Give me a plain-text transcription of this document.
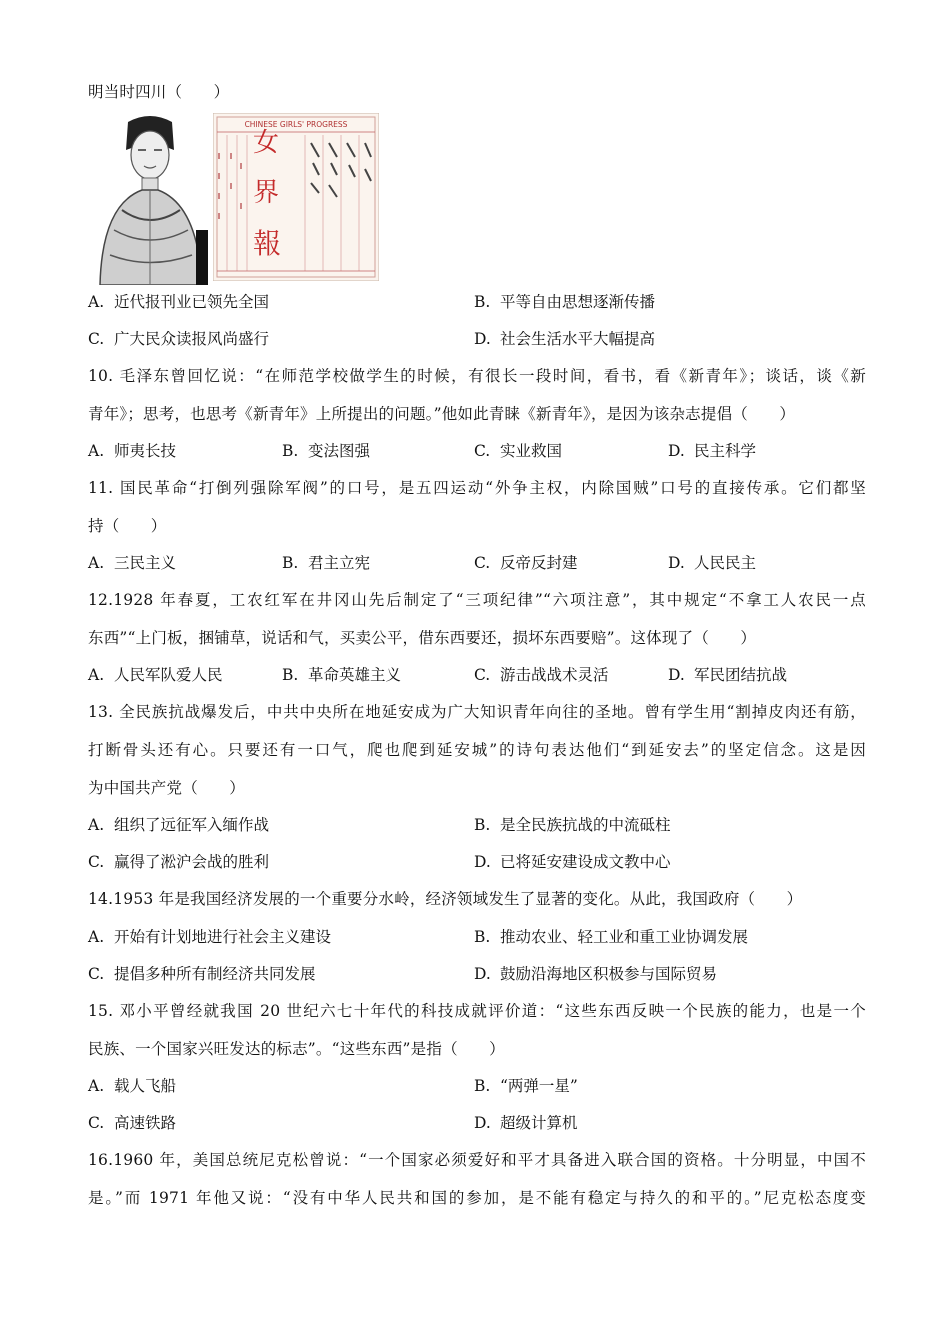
明当时四川（　　）
CHINESE GIRLS' PROGRESS
女
界
報
A. 近代报刊业已领先全国	B. 平等自由思想逐渐传播
C. 广大民众读报风尚盛行	D. 社会生活水平大幅提高
10. 毛泽东曾回忆说：“在师范学校做学生的时候，有很长一段时间，看书，看《新青年》；谈话，谈《新
青年》；思考，也思考《新青年》上所提出的问题。”他如此青睐《新青年》，是因为该杂志提倡（　　）
A. 师夷长技	B. 变法图强	C. 实业救国	D. 民主科学
11. 国民革命“打倒列强除军阀”的口号，是五四运动“外争主权，内除国贼”口号的直接传承。它们都坚
持（　　）
A. 三民主义	B. 君主立宪	C. 反帝反封建	D. 人民民主
12.1928 年春夏，工农红军在井冈山先后制定了“三项纪律”“六项注意”，其中规定“不拿工人农民一点
东西”“上门板，捆铺草，说话和气，买卖公平，借东西要还，损坏东西要赔”。这体现了（　　）
A. 人民军队爱人民	B. 革命英雄主义	C. 游击战战术灵活	D. 军民团结抗战
13. 全民族抗战爆发后，中共中央所在地延安成为广大知识青年向往的圣地。曾有学生用“割掉皮肉还有筋，
打断骨头还有心。只要还有一口气，爬也爬到延安城”的诗句表达他们“到延安去”的坚定信念。这是因
为中国共产党（　　）
A. 组织了远征军入缅作战	B. 是全民族抗战的中流砥柱
C. 赢得了淞沪会战的胜利	D. 已将延安建设成文教中心
14.1953 年是我国经济发展的一个重要分水岭，经济领域发生了显著的变化。从此，我国政府（　　）
A. 开始有计划地进行社会主义建设	B. 推动农业、轻工业和重工业协调发展
C. 提倡多种所有制经济共同发展	D. 鼓励沿海地区积极参与国际贸易
15. 邓小平曾经就我国 20 世纪六七十年代的科技成就评价道：“这些东西反映一个民族的能力，也是一个
民族、一个国家兴旺发达的标志”。“这些东西”是指（　　）
A. 载人飞船	B. “两弹一星”
C. 高速铁路	D. 超级计算机
16.1960 年，美国总统尼克松曾说：“一个国家必须爱好和平才具备进入联合国的资格。十分明显，中国不
是。”而 1971 年他又说：“没有中华人民共和国的参加，是不能有稳定与持久的和平的。”尼克松态度变
